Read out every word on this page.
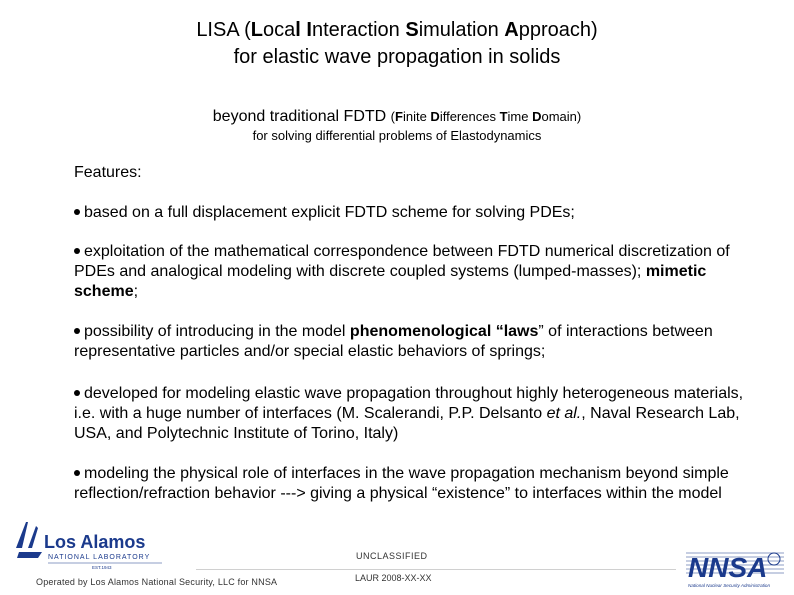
LISA (Local Interaction Simulation Approach)
for elastic wave propagation in solids
beyond traditional FDTD (Finite Differences Time Domain)
for solving differential problems of Elastodynamics
Features:
based on a full displacement explicit FDTD scheme for solving PDEs;
exploitation of the mathematical correspondence between FDTD numerical discretization of PDEs and analogical modeling with discrete coupled systems (lumped-masses); mimetic scheme;
possibility of introducing in the model phenomenological “laws” of interactions between representative particles and/or special elastic behaviors of springs;
developed for modeling elastic wave propagation throughout highly heterogeneous materials, i.e. with a huge number of interfaces (M. Scalerandi, P.P. Delsanto et al., Naval Research Lab, USA, and Polytechnic Institute of Torino, Italy)
modeling the physical role of interfaces in the wave propagation mechanism beyond simple reflection/refraction behavior ---> giving a physical “existence” to interfaces within the model
Los Alamos
NATIONAL LABORATORY
EST.1943
UNCLASSIFIED
LAUR 2008-XX-XX
Operated by Los Alamos National Security, LLC for NNSA	NNSA
National Nuclear Security Administration
